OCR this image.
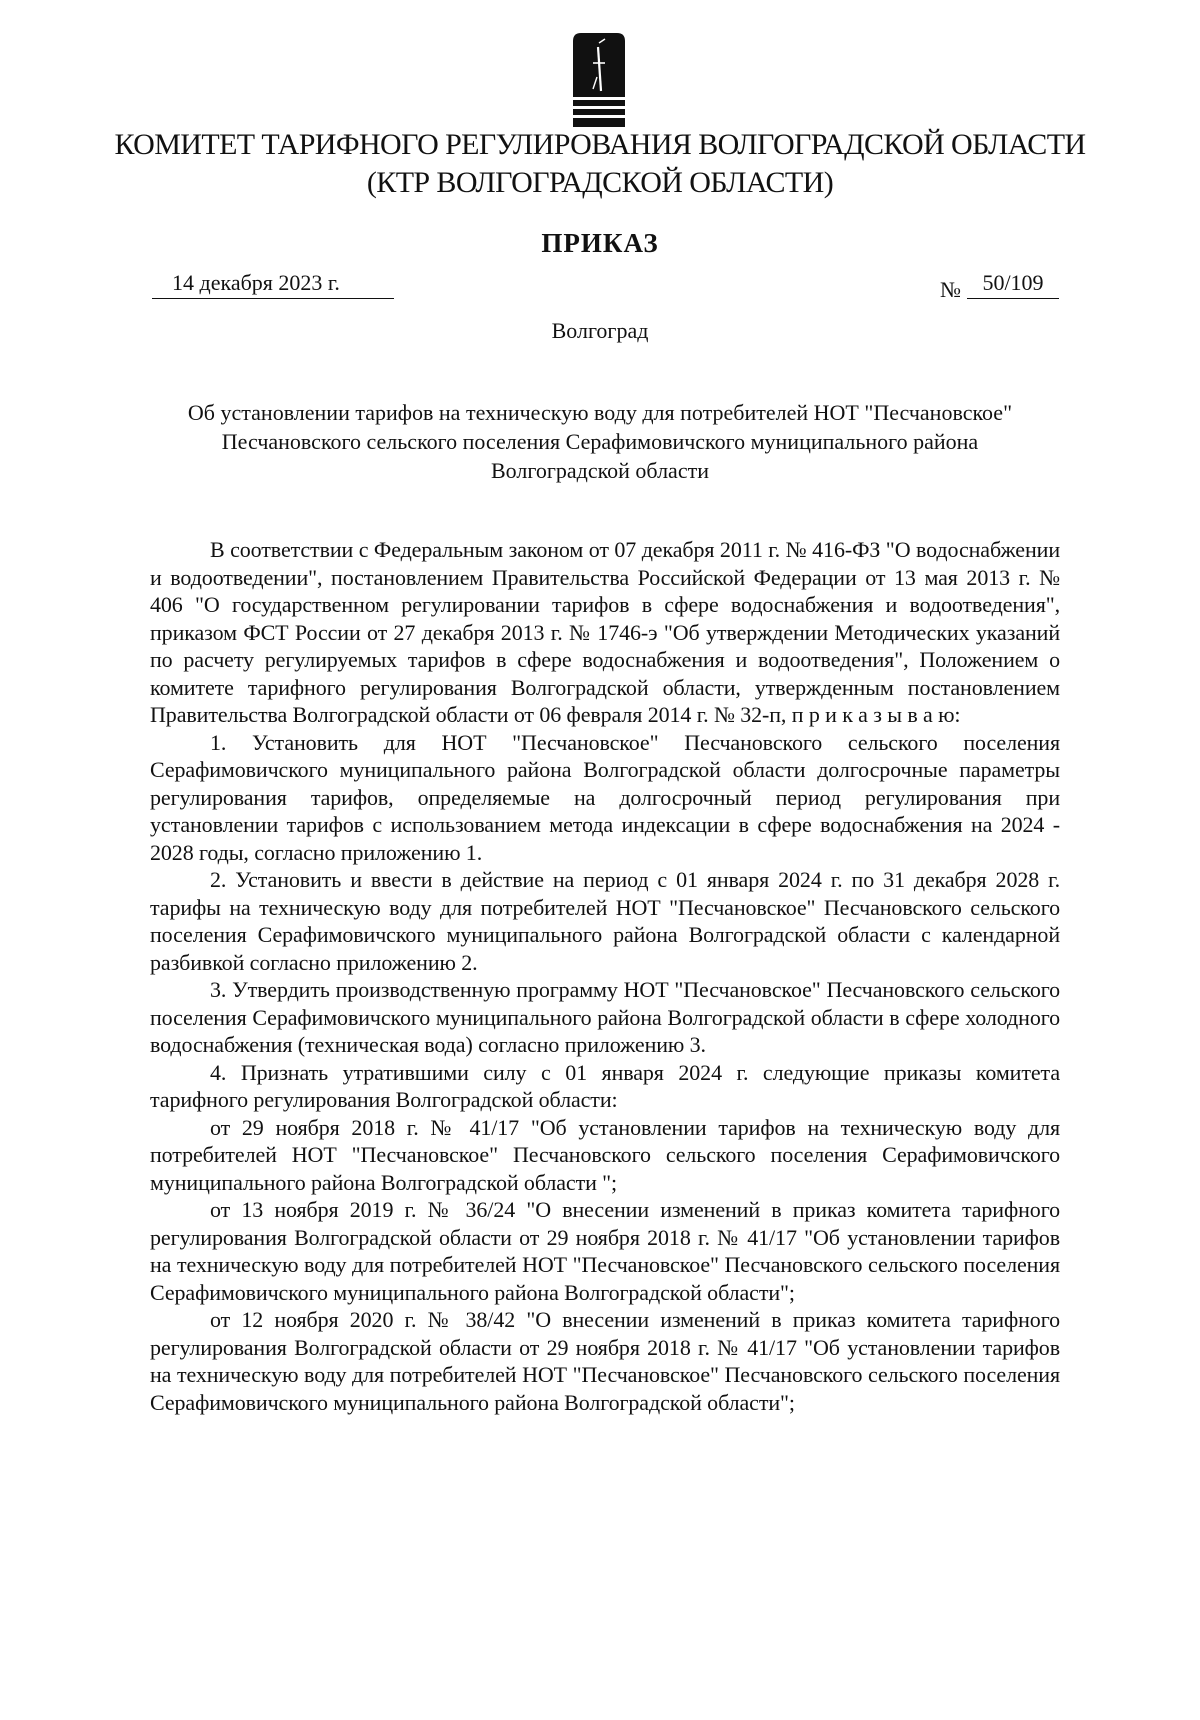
КОМИТЕТ ТАРИФНОГО РЕГУЛИРОВАНИЯ ВОЛГОГРАДСКОЙ ОБЛАСТИ
(КТР ВОЛГОГРАДСКОЙ ОБЛАСТИ)
ПРИКАЗ
14 декабря 2023 г.	№ 50/109
Волгоград
Об установлении тарифов на техническую воду для потребителей НОТ "Песчановское"
Песчановского сельского поселения Серафимовичского муниципального района
Волгоградской области

В соответствии с Федеральным законом от 07 декабря 2011 г. № 416-ФЗ "О водоснабжении и водоотведении", постановлением Правительства Российской Федерации от 13 мая 2013 г. № 406 "О государственном регулировании тарифов в сфере водоснабжения и водоотведения", приказом ФСТ России от 27 декабря 2013 г. № 1746-э "Об утверждении Методических указаний по расчету регулируемых тарифов в сфере водоснабжения и водоотведения", Положением о комитете тарифного регулирования Волгоградской области, утвержденным постановлением Правительства Волгоградской области от 06 февраля 2014 г. № 32-п, п р и к а з ы в а ю:

1. Установить для НОТ "Песчановское" Песчановского сельского поселения Серафимовичского муниципального района Волгоградской области долгосрочные параметры регулирования тарифов, определяемые на долгосрочный период регулирования при установлении тарифов с использованием метода индексации в сфере водоснабжения на 2024 - 2028 годы, согласно приложению 1.

2. Установить и ввести в действие на период с 01 января 2024 г. по 31 декабря 2028 г. тарифы на техническую воду для потребителей НОТ "Песчановское" Песчановского сельского поселения Серафимовичского муниципального района Волгоградской области с календарной разбивкой согласно приложению 2.

3. Утвердить производственную программу НОТ "Песчановское" Песчановского сельского поселения Серафимовичского муниципального района Волгоградской области в сфере холодного водоснабжения (техническая вода) согласно приложению 3.

4. Признать утратившими силу с 01 января 2024 г. следующие приказы комитета тарифного регулирования Волгоградской области:

от 29 ноября 2018 г. № 41/17 "Об установлении тарифов на техническую воду для потребителей НОТ "Песчановское" Песчановского сельского поселения Серафимовичского муниципального района Волгоградской области ";

от 13 ноября 2019 г. № 36/24 "О внесении изменений в приказ комитета тарифного регулирования Волгоградской области от 29 ноября 2018 г. № 41/17 "Об установлении тарифов на техническую воду для потребителей НОТ "Песчановское" Песчановского сельского поселения Серафимовичского муниципального района Волгоградской области";

от 12 ноября 2020 г. № 38/42 "О внесении изменений в приказ комитета тарифного регулирования Волгоградской области от 29 ноября 2018 г. № 41/17 "Об установлении тарифов на техническую воду для потребителей НОТ "Песчановское" Песчановского сельского поселения Серафимовичского муниципального района Волгоградской области";
